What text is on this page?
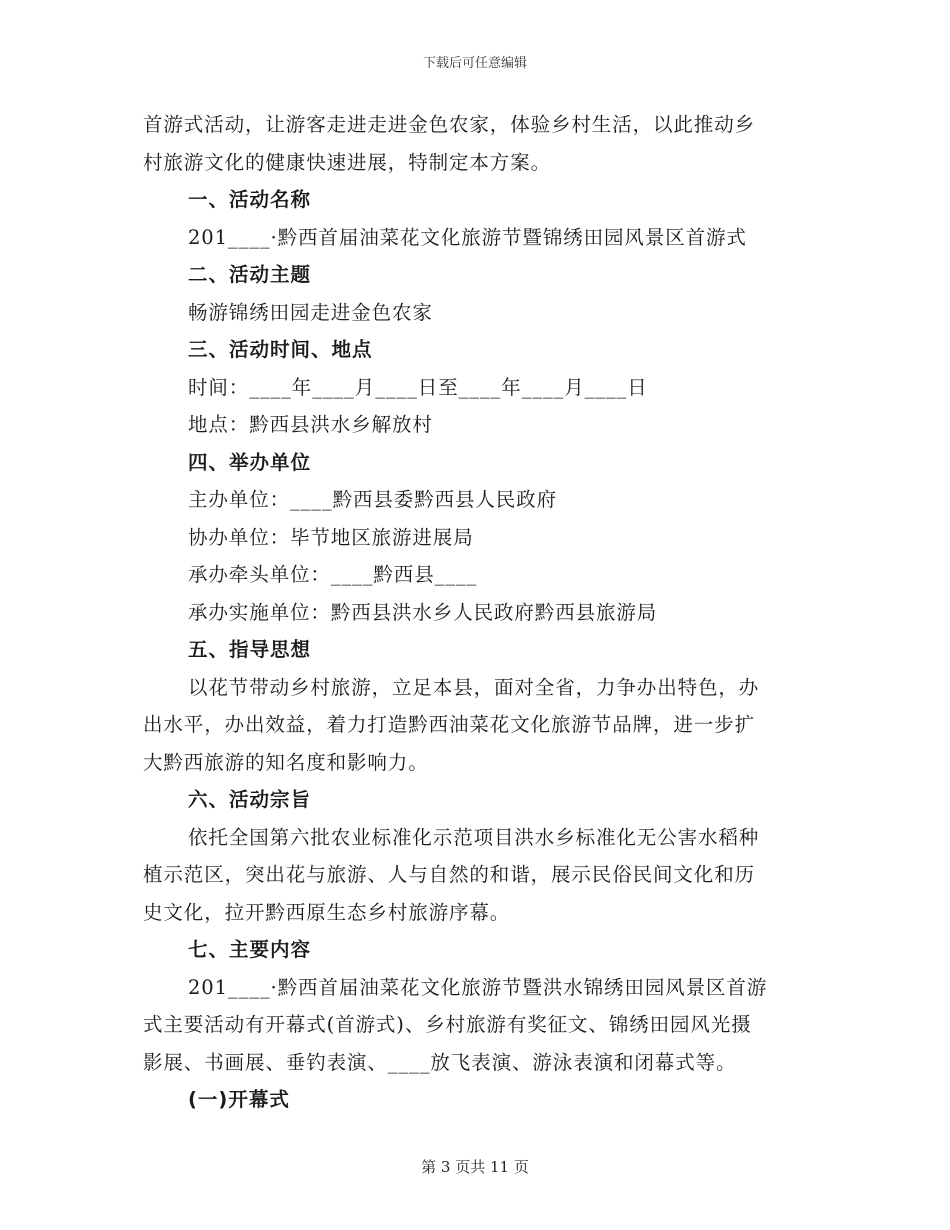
下载后可任意编辑
首游式活动，让游客走进走进金色农家，体验乡村生活，以此推动乡
村旅游文化的健康快速进展，特制定本方案。
一、活动名称
201____·黔西首届油菜花文化旅游节暨锦绣田园风景区首游式
二、活动主题
畅游锦绣田园走进金色农家
三、活动时间、地点
时间：____年____月____日至____年____月____日
地点：黔西县洪水乡解放村
四、举办单位
主办单位：____黔西县委黔西县人民政府
协办单位：毕节地区旅游进展局
承办牵头单位：____黔西县____
承办实施单位：黔西县洪水乡人民政府黔西县旅游局
五、指导思想
以花节带动乡村旅游，立足本县，面对全省，力争办出特色，办
出水平，办出效益，着力打造黔西油菜花文化旅游节品牌，进一步扩
大黔西旅游的知名度和影响力。
六、活动宗旨
依托全国第六批农业标准化示范项目洪水乡标准化无公害水稻种
植示范区，突出花与旅游、人与自然的和谐，展示民俗民间文化和历
史文化，拉开黔西原生态乡村旅游序幕。
七、主要内容
201____·黔西首届油菜花文化旅游节暨洪水锦绣田园风景区首游
式主要活动有开幕式(首游式)、乡村旅游有奖征文、锦绣田园风光摄
影展、书画展、垂钓表演、____放飞表演、游泳表演和闭幕式等。
(一)开幕式
第 3 页共 11 页
